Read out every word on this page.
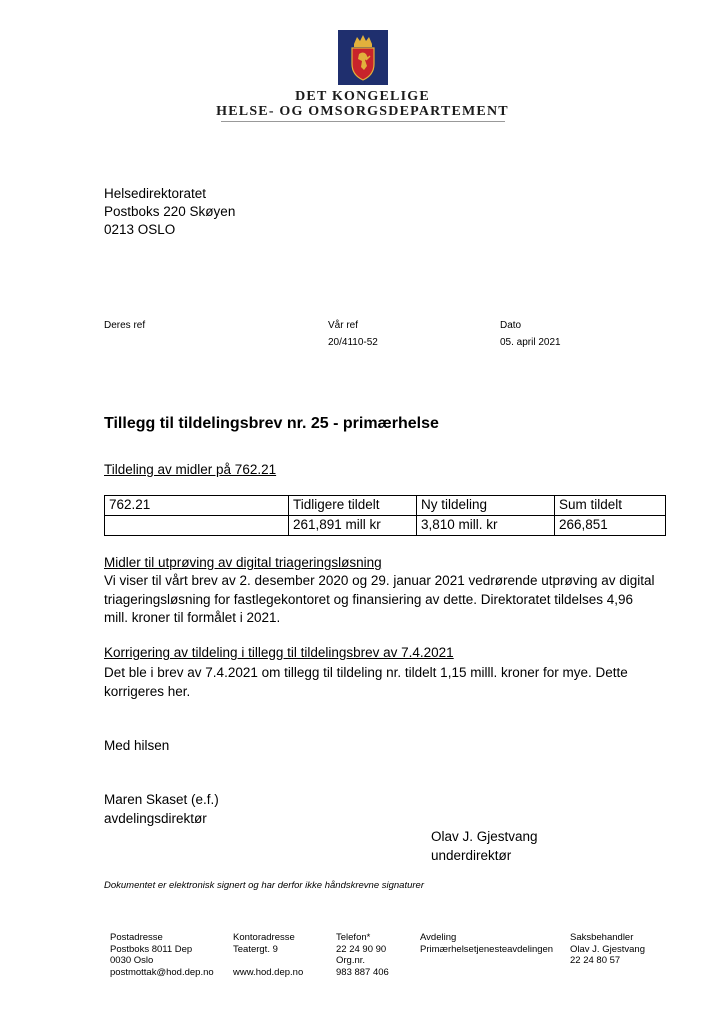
DET KONGELIGE
HELSE- OG OMSORGSDEPARTEMENT
Helsedirektoratet
Postboks 220 Skøyen
0213 OSLO
Deres ref	Vår ref
20/4110-52
Dato
05. april 2021
Tillegg til tildelingsbrev nr. 25 - primærhelse
Tildeling av midler på 762.21
762.21	Tidligere tildelt	Ny tildeling	Sum tildelt
	261,891 mill kr	3,810 mill. kr	266,851
Midler til utprøving av digital triageringsløsning
Vi viser til vårt brev av 2. desember 2020 og 29. januar 2021 vedrørende utprøving av digital
triageringsløsning for fastlegekontoret og finansiering av dette. Direktoratet tildelses 4,96
mill. kroner til formålet i 2021.
Korrigering av tildeling i tillegg til tildelingsbrev av 7.4.2021
Det ble i brev av 7.4.2021 om tillegg til tildeling nr. tildelt 1,15 milll. kroner for mye. Dette
korrigeres her.
Med hilsen
Maren Skaset (e.f.)
avdelingsdirektør
Olav J. Gjestvang
underdirektør
Dokumentet er elektronisk signert og har derfor ikke håndskrevne signaturer
Postadresse
Postboks 8011 Dep
0030 Oslo
postmottak@hod.dep.no
Kontoradresse
Teatergt. 9
www.hod.dep.no
Telefon*
22 24 90 90
Org.nr.
983 887 406
Avdeling
Primærhelsetjenesteavdelingen
Saksbehandler
Olav J. Gjestvang
22 24 80 57
